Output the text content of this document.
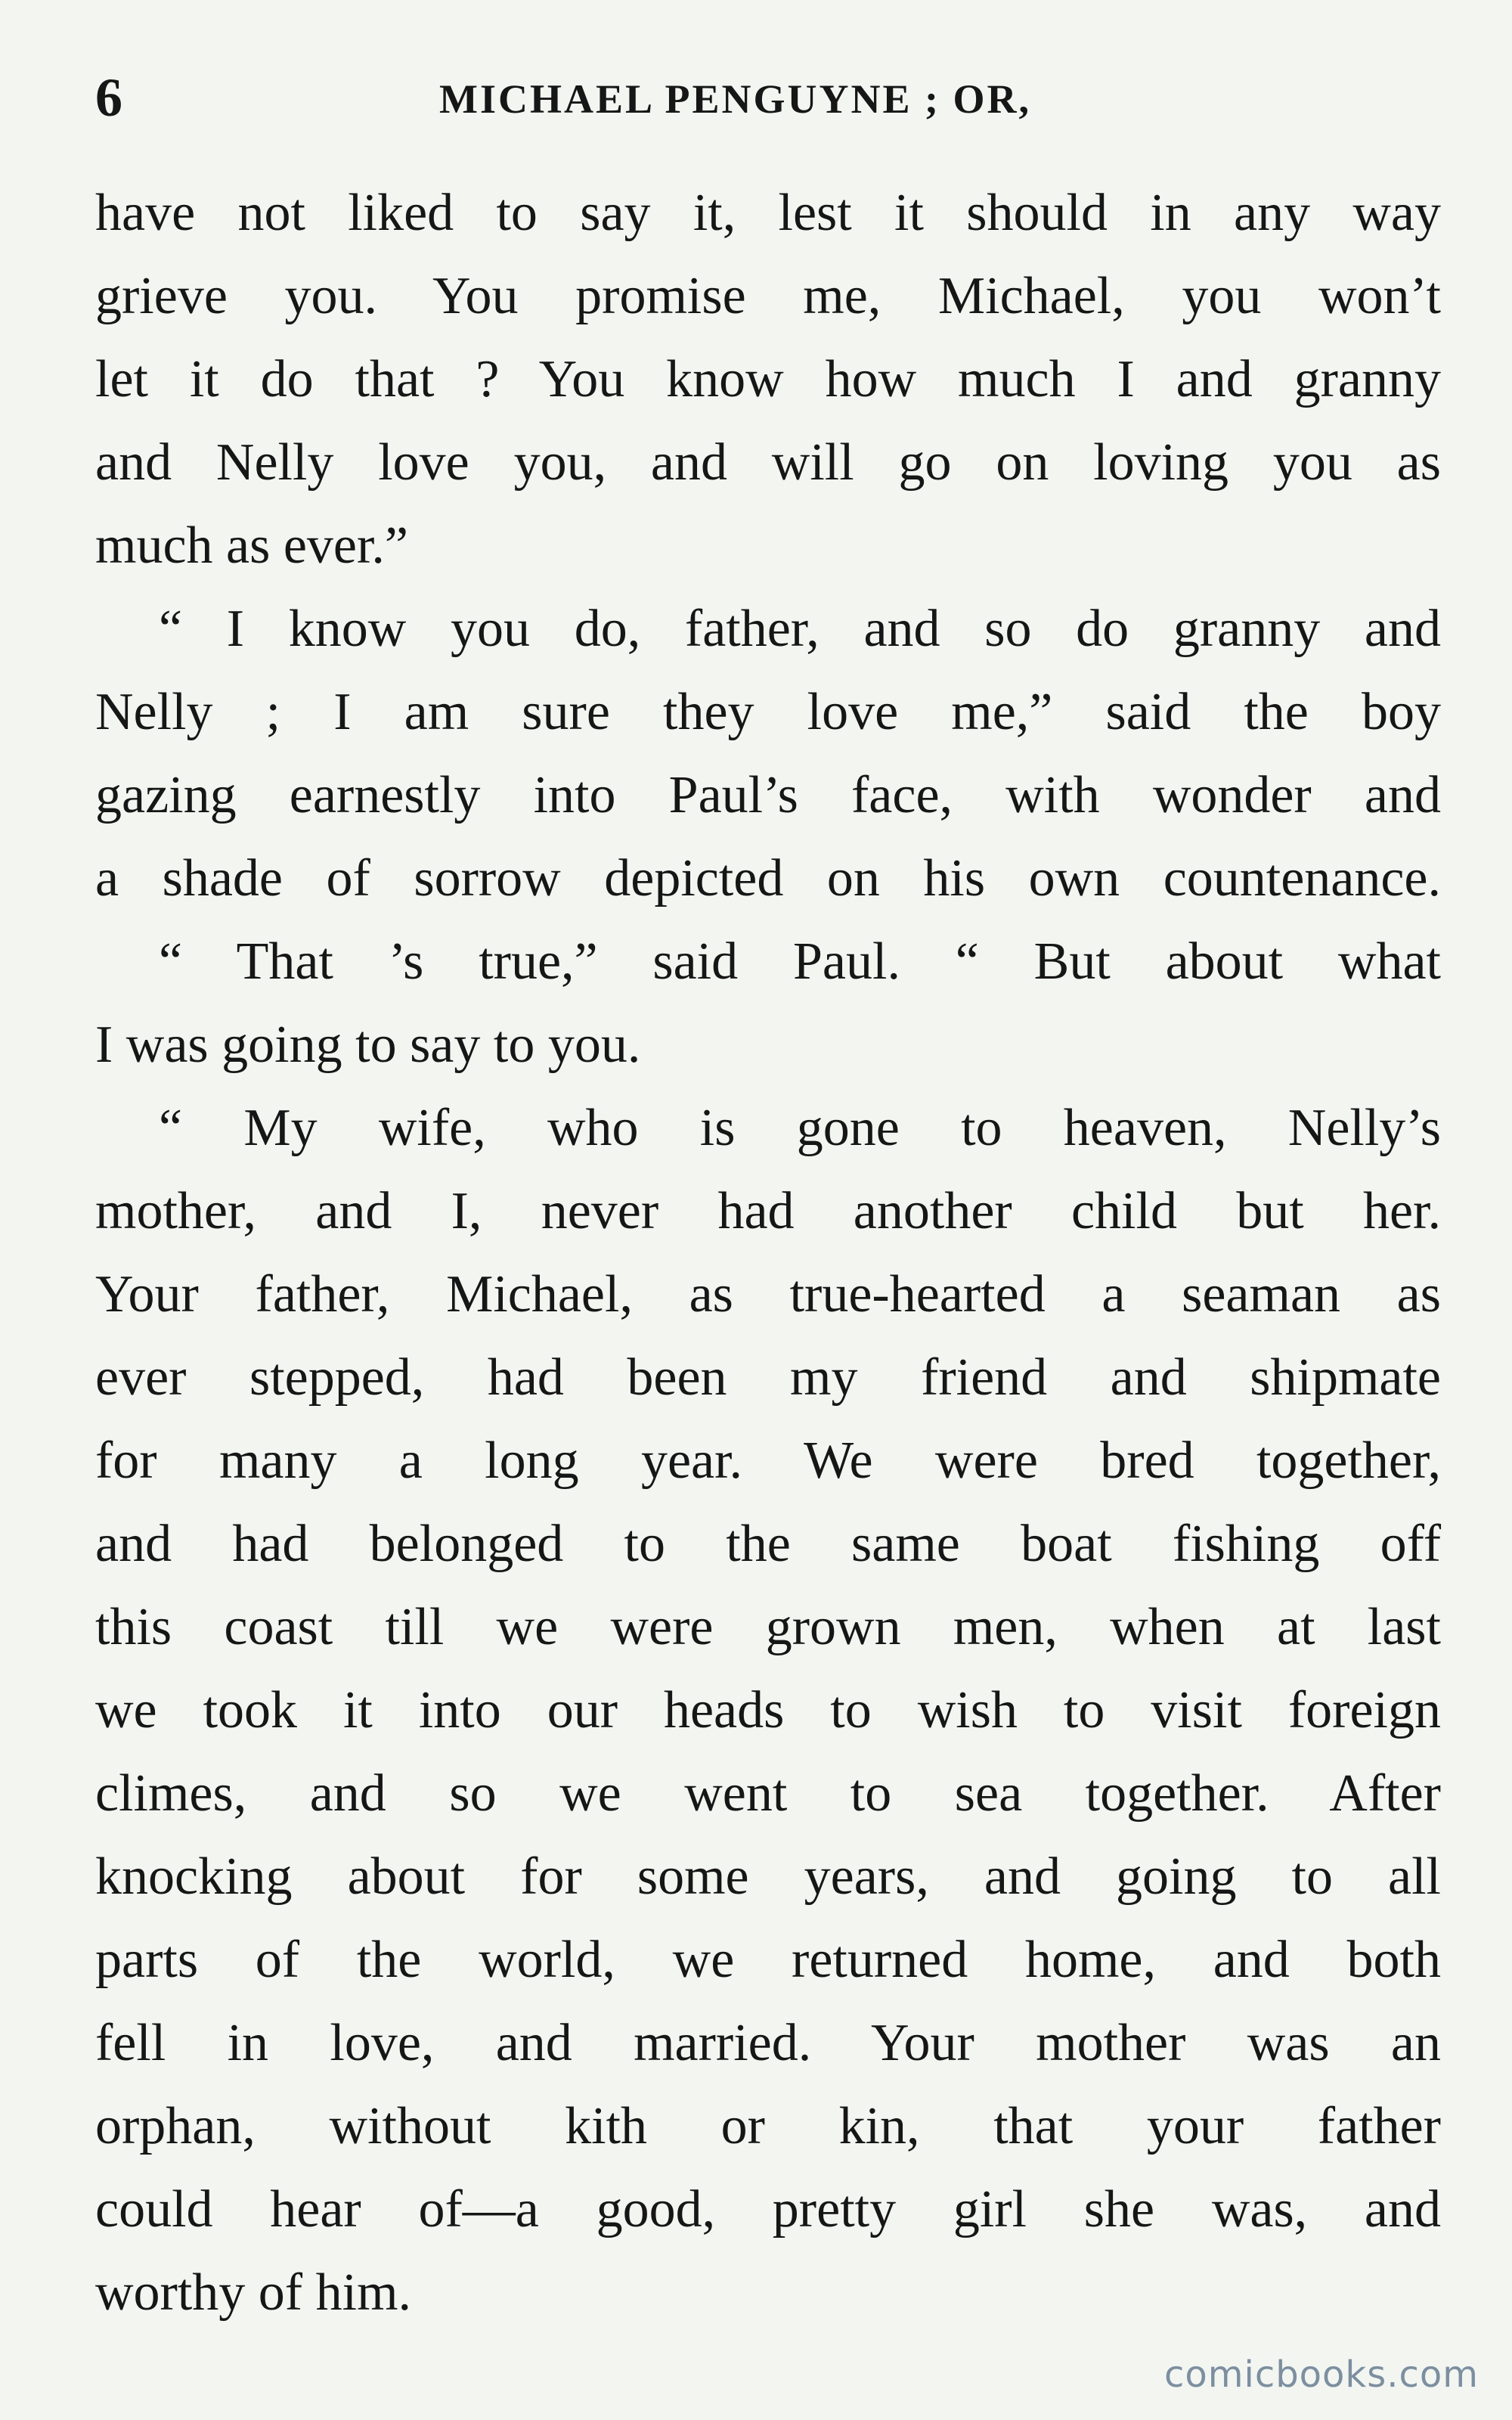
6	MICHAEL PENGUYNE ; OR,
have not liked to say it, lest it should in any way
grieve you. You promise me, Michael, you won’t
let it do that ? You know how much I and granny
and Nelly love you, and will go on loving you as
much as ever.”
“ I know you do, father, and so do granny and
Nelly ; I am sure they love me,” said the boy
gazing earnestly into Paul’s face, with wonder and
a shade of sorrow depicted on his own countenance.
“ That ’s true,” said Paul. “ But about what
I was going to say to you.
“ My wife, who is gone to heaven, Nelly’s
mother, and I, never had another child but her.
Your father, Michael, as true-hearted a seaman as
ever stepped, had been my friend and shipmate
for many a long year. We were bred together,
and had belonged to the same boat fishing off
this coast till we were grown men, when at last
we took it into our heads to wish to visit foreign
climes, and so we went to sea together. After
knocking about for some years, and going to all
parts of the world, we returned home, and both
fell in love, and married. Your mother was an
orphan, without kith or kin, that your father
could hear of—a good, pretty girl she was, and
worthy of him.
comicbooks.com
